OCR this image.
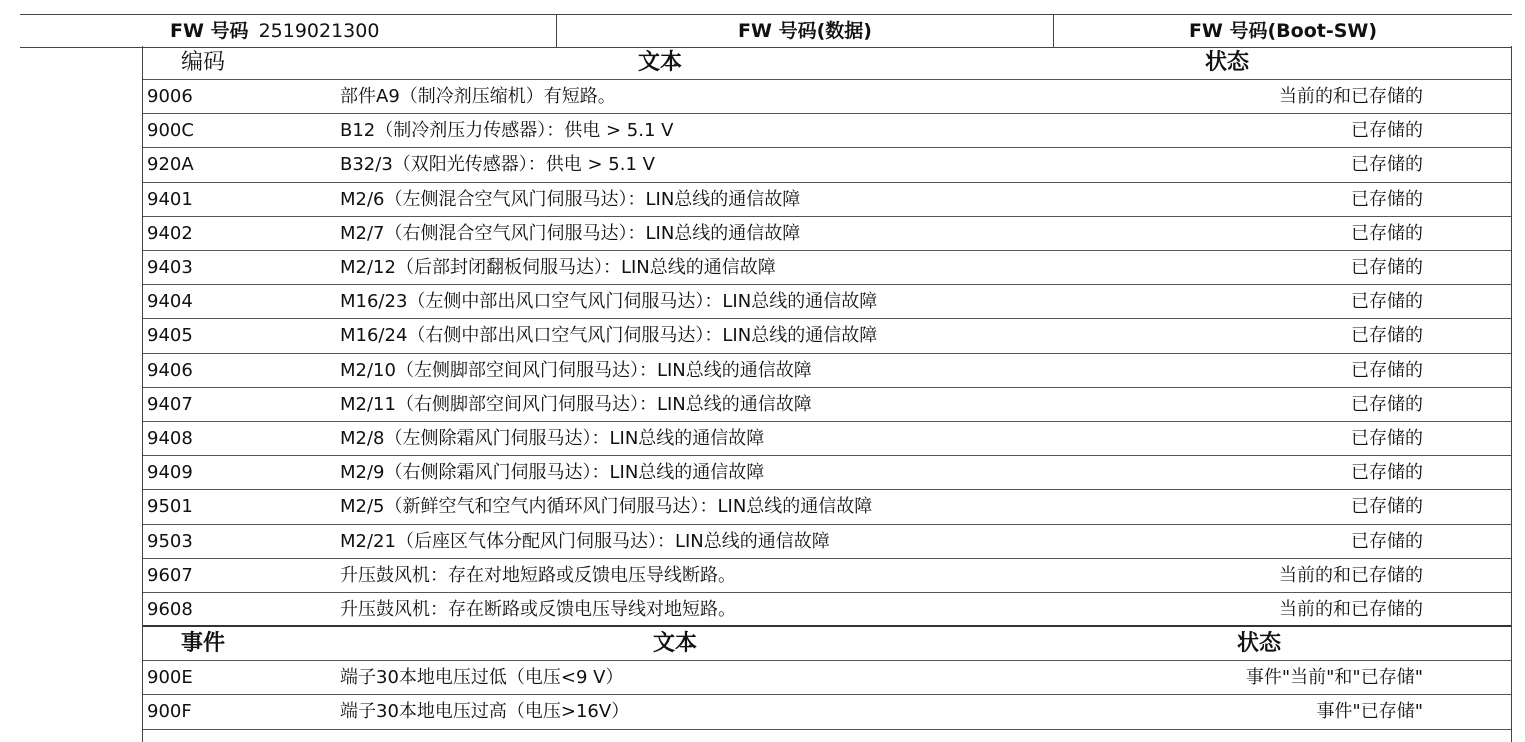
FW 号码 2519021300	FW 号码(数据)	FW 号码(Boot-SW)
编码	文本	状态
9006	部件A9（制冷剂压缩机）有短路。	当前的和已存储的
900C	B12（制冷剂压力传感器）：供电 > 5.1 V	已存储的
920A	B32/3（双阳光传感器）：供电 > 5.1 V	已存储的
9401	M2/6（左侧混合空气风门伺服马达）：LIN总线的通信故障	已存储的
9402	M2/7（右侧混合空气风门伺服马达）：LIN总线的通信故障	已存储的
9403	M2/12（后部封闭翻板伺服马达）：LIN总线的通信故障	已存储的
9404	M16/23（左侧中部出风口空气风门伺服马达）：LIN总线的通信故障	已存储的
9405	M16/24（右侧中部出风口空气风门伺服马达）：LIN总线的通信故障	已存储的
9406	M2/10（左侧脚部空间风门伺服马达）：LIN总线的通信故障	已存储的
9407	M2/11（右侧脚部空间风门伺服马达）：LIN总线的通信故障	已存储的
9408	M2/8（左侧除霜风门伺服马达）：LIN总线的通信故障	已存储的
9409	M2/9（右侧除霜风门伺服马达）：LIN总线的通信故障	已存储的
9501	M2/5（新鲜空气和空气内循环风门伺服马达）：LIN总线的通信故障	已存储的
9503	M2/21（后座区气体分配风门伺服马达）：LIN总线的通信故障	已存储的
9607	升压鼓风机：存在对地短路或反馈电压导线断路。	当前的和已存储的
9608	升压鼓风机：存在断路或反馈电压导线对地短路。	当前的和已存储的
事件	文本	状态
900E	端子30本地电压过低（电压<9 V）	事件"当前"和"已存储"
900F	端子30本地电压过高（电压>16V）	事件"已存储"
